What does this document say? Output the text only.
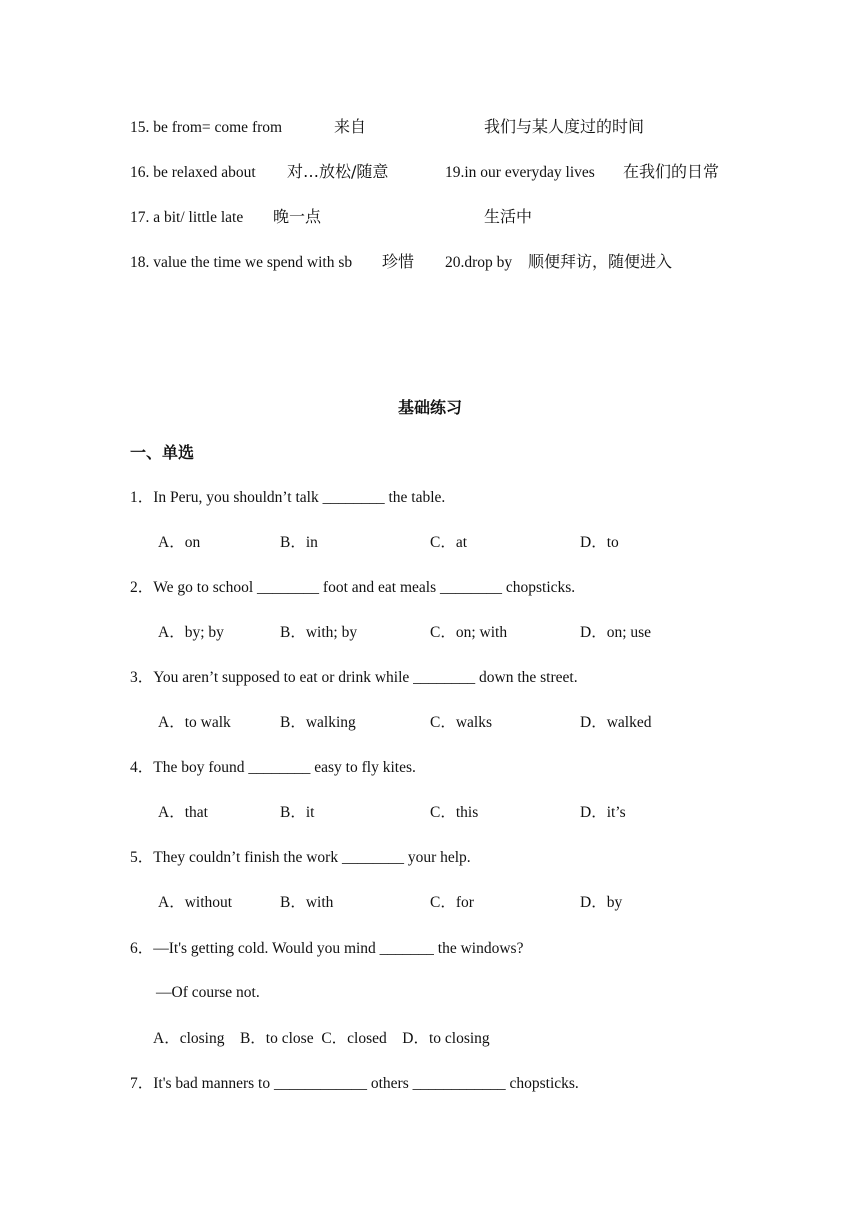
15. be from= come from	来自	我们与某人度过的时间
16. be relaxed about 对…放松/随意	19.in our everyday lives 在我们的日常
17. a bit/ little late 晚一点	生活中
18. value the time we spend with sb 珍惜 20.drop by 顺便拜访，随便进入
基础练习
一、单选
1．In Peru, you shouldn’t talk ________ the table.
A．on	B．in	C．at	D．to
2．We go to school ________ foot and eat meals ________ chopsticks.
A．by; by	B．with; by	C．on; with	D．on; use
3．You aren’t supposed to eat or drink while ________ down the street.
A．to walk	B．walking	C．walks	D．walked
4．The boy found ________ easy to fly kites.
A．that	B．it	C．this	D．it’s
5．They couldn’t finish the work ________ your help.
A．without	B．with	C．for	D．by
6．—It's getting cold. Would you mind _______ the windows?
—Of course not.
A．closing　B．to close  C．closed　D．to closing
7．It's bad manners to ____________ others ____________ chopsticks.
